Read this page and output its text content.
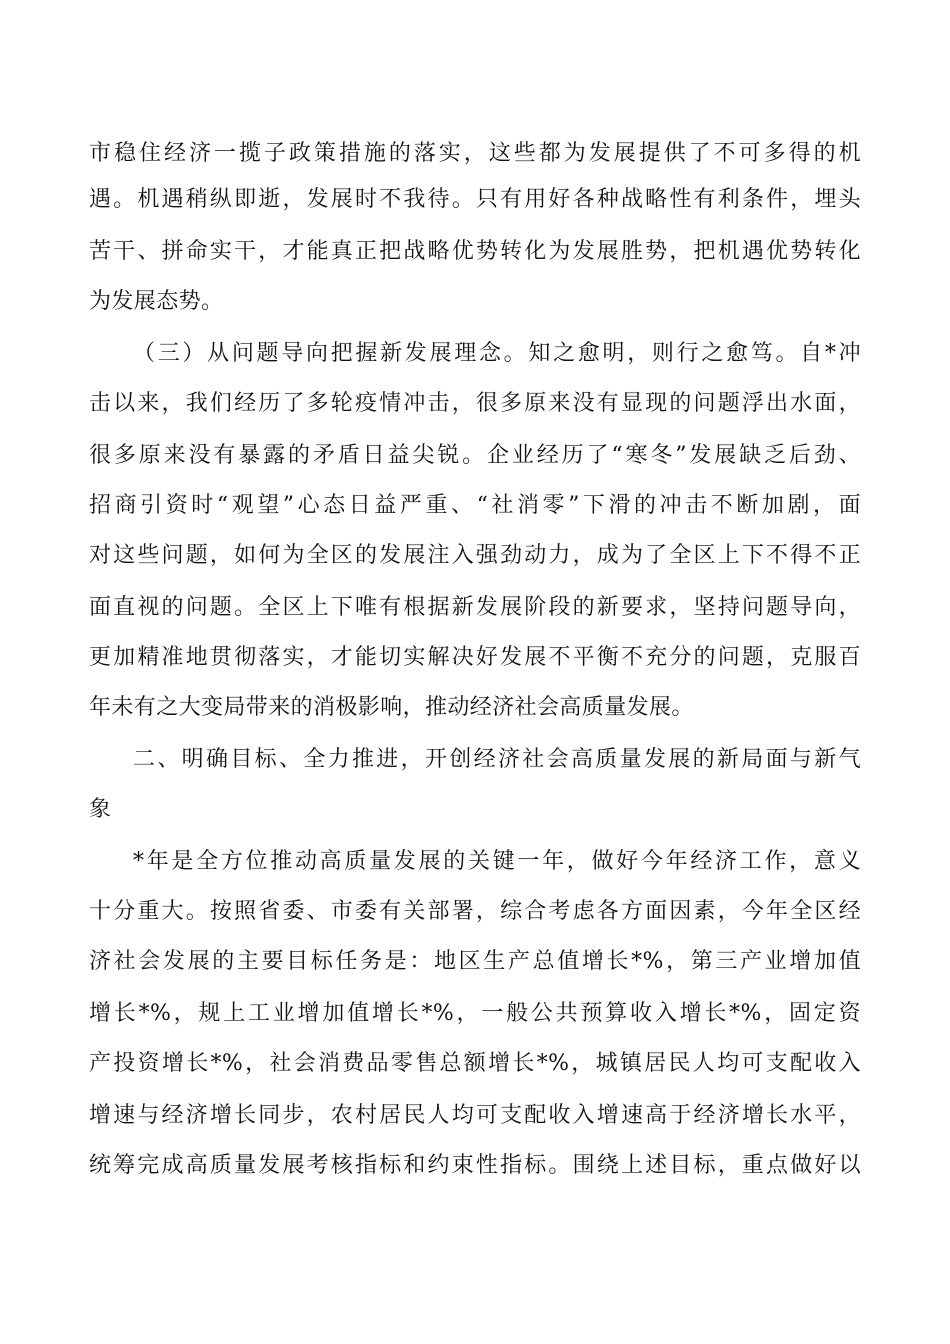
市稳住经济一揽子政策措施的落实，这些都为发展提供了不可多得的机
遇。机遇稍纵即逝，发展时不我待。只有用好各种战略性有利条件，埋头
苦干、拼命实干，才能真正把战略优势转化为发展胜势，把机遇优势转化
为发展态势。
（三）从问题导向把握新发展理念。知之愈明，则行之愈笃。自*冲
击以来，我们经历了多轮疫情冲击，很多原来没有显现的问题浮出水面，
很多原来没有暴露的矛盾日益尖锐。企业经历了“寒冬”发展缺乏后劲、
招商引资时“观望”心态日益严重、“社消零”下滑的冲击不断加剧，面
对这些问题，如何为全区的发展注入强劲动力，成为了全区上下不得不正
面直视的问题。全区上下唯有根据新发展阶段的新要求，坚持问题导向，
更加精准地贯彻落实，才能切实解决好发展不平衡不充分的问题，克服百
年未有之大变局带来的消极影响，推动经济社会高质量发展。
二、明确目标、全力推进，开创经济社会高质量发展的新局面与新气
象
*年是全方位推动高质量发展的关键一年，做好今年经济工作，意义
十分重大。按照省委、市委有关部署，综合考虑各方面因素，今年全区经
济社会发展的主要目标任务是：地区生产总值增长*%，第三产业增加值
增长*%，规上工业增加值增长*%，一般公共预算收入增长*%，固定资
产投资增长*%，社会消费品零售总额增长*%，城镇居民人均可支配收入
增速与经济增长同步，农村居民人均可支配收入增速高于经济增长水平，
统筹完成高质量发展考核指标和约束性指标。围绕上述目标，重点做好以
